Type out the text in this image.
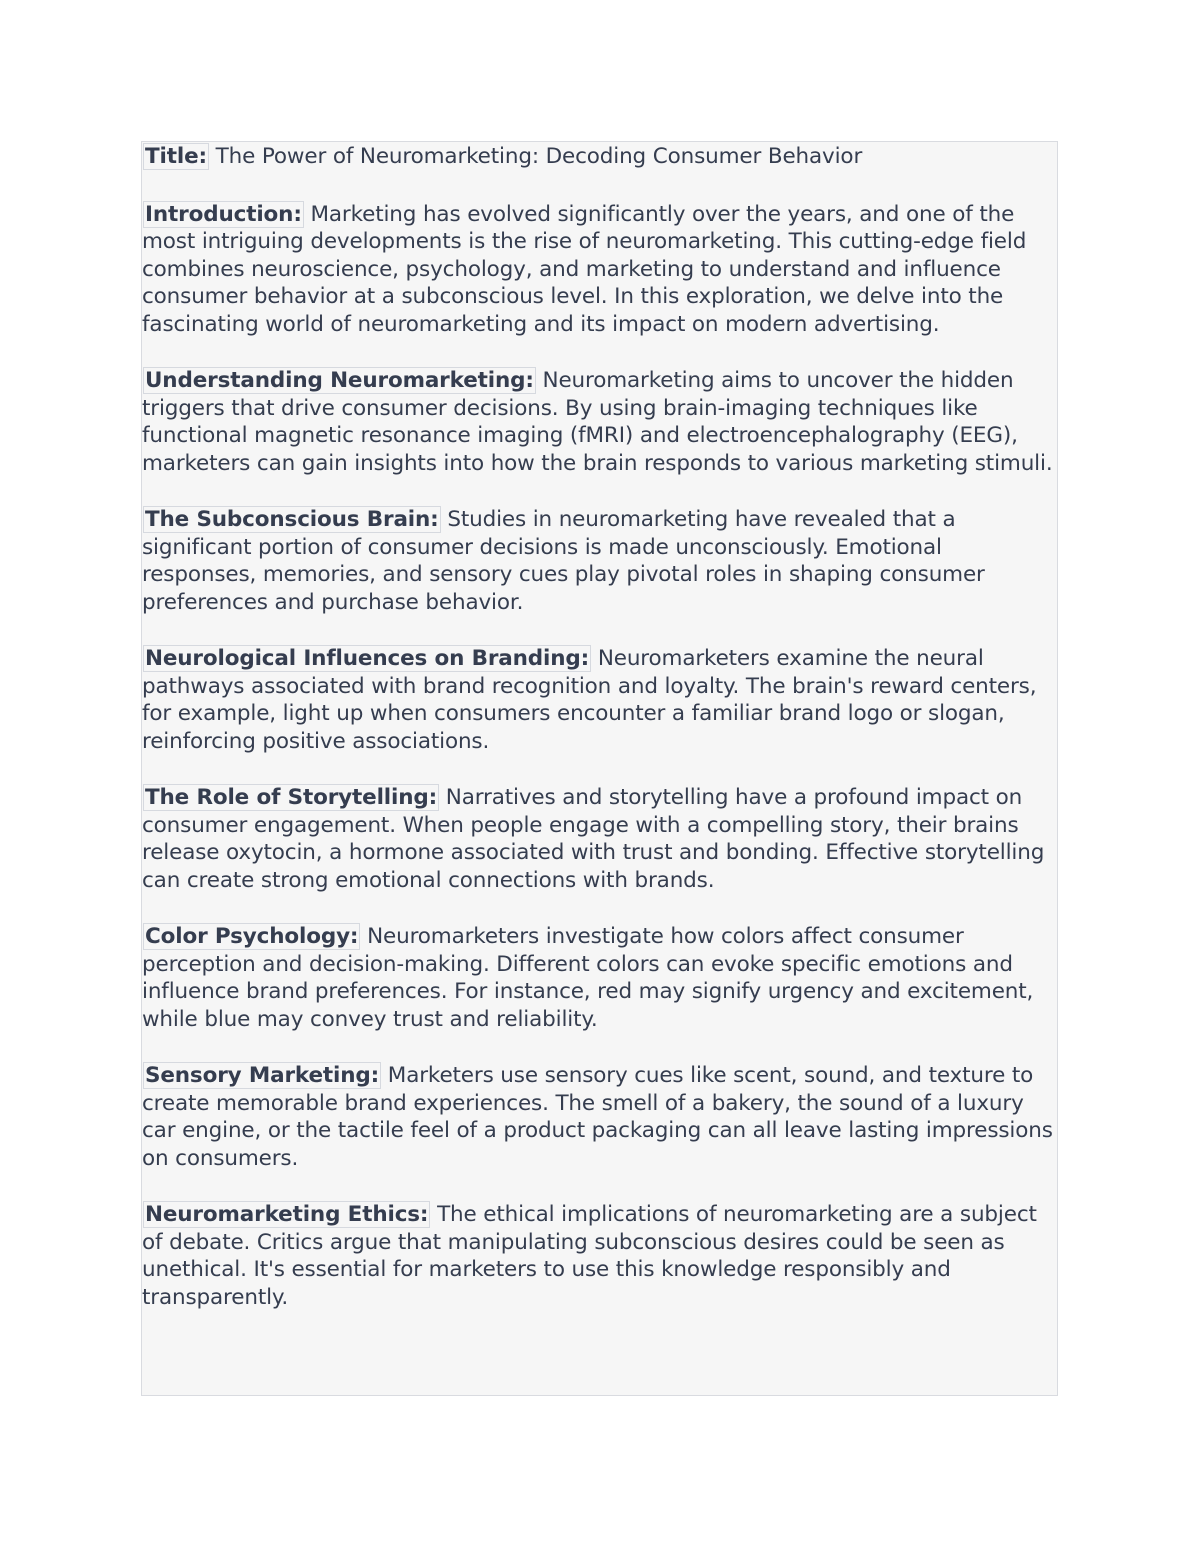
Title: The Power of Neuromarketing: Decoding Consumer Behavior

Introduction: Marketing has evolved significantly over the years, and one of the most intriguing developments is the rise of neuromarketing. This cutting-edge field combines neuroscience, psychology, and marketing to understand and influence consumer behavior at a subconscious level. In this exploration, we delve into the fascinating world of neuromarketing and its impact on modern advertising.

Understanding Neuromarketing: Neuromarketing aims to uncover the hidden triggers that drive consumer decisions. By using brain-imaging techniques like functional magnetic resonance imaging (fMRI) and electroencephalography (EEG), marketers can gain insights into how the brain responds to various marketing stimuli.

The Subconscious Brain: Studies in neuromarketing have revealed that a significant portion of consumer decisions is made unconsciously. Emotional responses, memories, and sensory cues play pivotal roles in shaping consumer preferences and purchase behavior.

Neurological Influences on Branding: Neuromarketers examine the neural pathways associated with brand recognition and loyalty. The brain's reward centers, for example, light up when consumers encounter a familiar brand logo or slogan, reinforcing positive associations.

The Role of Storytelling: Narratives and storytelling have a profound impact on consumer engagement. When people engage with a compelling story, their brains release oxytocin, a hormone associated with trust and bonding. Effective storytelling can create strong emotional connections with brands.

Color Psychology: Neuromarketers investigate how colors affect consumer perception and decision-making. Different colors can evoke specific emotions and influence brand preferences. For instance, red may signify urgency and excitement, while blue may convey trust and reliability.

Sensory Marketing: Marketers use sensory cues like scent, sound, and texture to create memorable brand experiences. The smell of a bakery, the sound of a luxury car engine, or the tactile feel of a product packaging can all leave lasting impressions on consumers.

Neuromarketing Ethics: The ethical implications of neuromarketing are a subject of debate. Critics argue that manipulating subconscious desires could be seen as unethical. It's essential for marketers to use this knowledge responsibly and transparently.
